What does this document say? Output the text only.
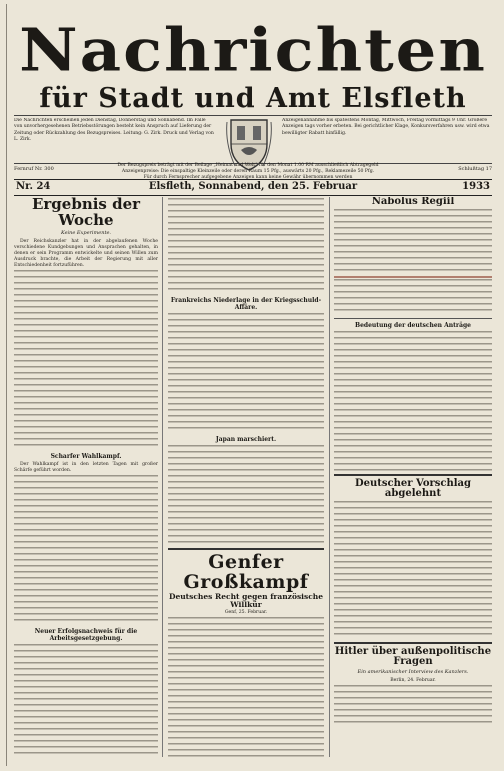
Nachrichten
für Stadt und Amt Elsfleth
Die Nachrichten erscheinen jeden Dienstag, Donnerstag und Sonnabend. Im Falle von unvorhergesehenen Betriebsstörungen besteht kein Anspruch auf Lieferung der Zeitung oder Rückzahlung des Bezugspreises. Leitung: G. Zirk. Druck und Verlag von L. Zirk.
Anzeigenannahme bis spätestens Montag, Mittwoch, Freitag vormittags 9 Uhr. Größere Anzeigen tags vorher erbeten. Bei gerichtlicher Klage, Konkursverfahren usw. wird etwa bewilligter Rabatt hinfällig.
Fernruf Nr. 300
Der Bezugspreis beträgt mit der Beilage „Heimat und Welt“ für den Monat 1.00 RM ausschließlich Abtragegeld
Anzeigenpreise: Die einspaltige Kleinzeile oder deren Raum 15 Pfg., auswärts 20 Pfg., Reklamezeile 50 Pfg.
Für durch Fernsprecher aufgegebene Anzeigen kann keine Gewähr übernommen werden
Schlußtag 17
Nr. 24	Elsfleth, Sonnabend, den 25. Februar	1933
Ergebnis der Woche
Keine Experimente.

Der Reichskanzler hat in der abgelaufenen Woche verschiedene Kundgebungen und Ansprachen gehalten, in denen er sein Programm entwickelte und seinen Willen zum Ausdruck brachte, die Arbeit der Regierung mit aller Entschiedenheit fortzuführen.

Scharfer Wahlkampf.

Der Wahlkampf ist in den letzten Tagen mit großer Schärfe geführt worden.

Neuer Erfolgsnachweis für die Arbeitsgesetzgebung.
Frankreichs Niederlage in der Kriegsschuld-Affäre.
Japan marschiert.
Genfer Großkampf
Deutsches Recht gegen französische Willkür
Genf, 25. Februar.
Nabolus Regiil
Bedeutung der deutschen Anträge
Deutscher Vorschlag abgelehnt
Hitler über außenpolitische Fragen
Ein amerikanischer Interview des Kanzlers.
Berlin, 24. Februar.
